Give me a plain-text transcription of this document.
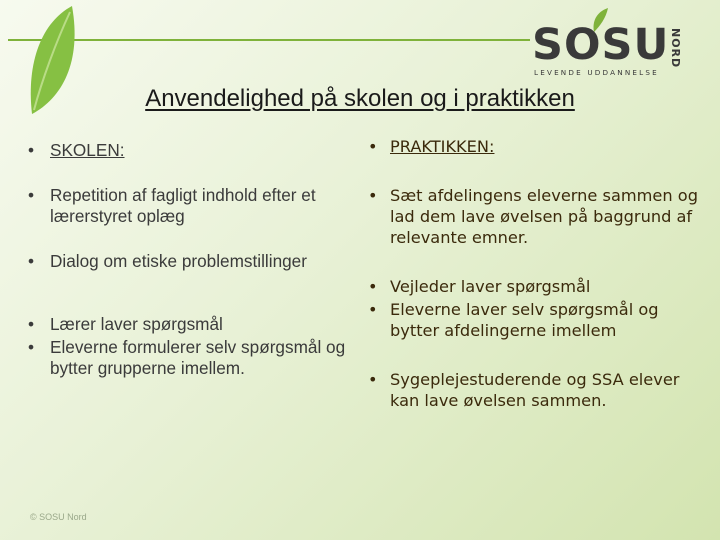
SOSU NORD
LEVENDE UDDANNELSE
Anvendelighed på skolen og i praktikken
• SKOLEN:
• Repetition af fagligt indhold efter et lærerstyret oplæg
• Dialog om etiske problemstillinger
• Lærer laver spørgsmål
• Eleverne formulerer selv spørgsmål og bytter grupperne imellem.
• PRAKTIKKEN:
• Sæt afdelingens eleverne sammen og lad dem lave øvelsen på baggrund af relevante emner.
• Vejleder laver spørgsmål
• Eleverne laver selv spørgsmål og bytter afdelingerne imellem
• Sygeplejestuderende og SSA elever kan lave øvelsen sammen.
© SOSU Nord
